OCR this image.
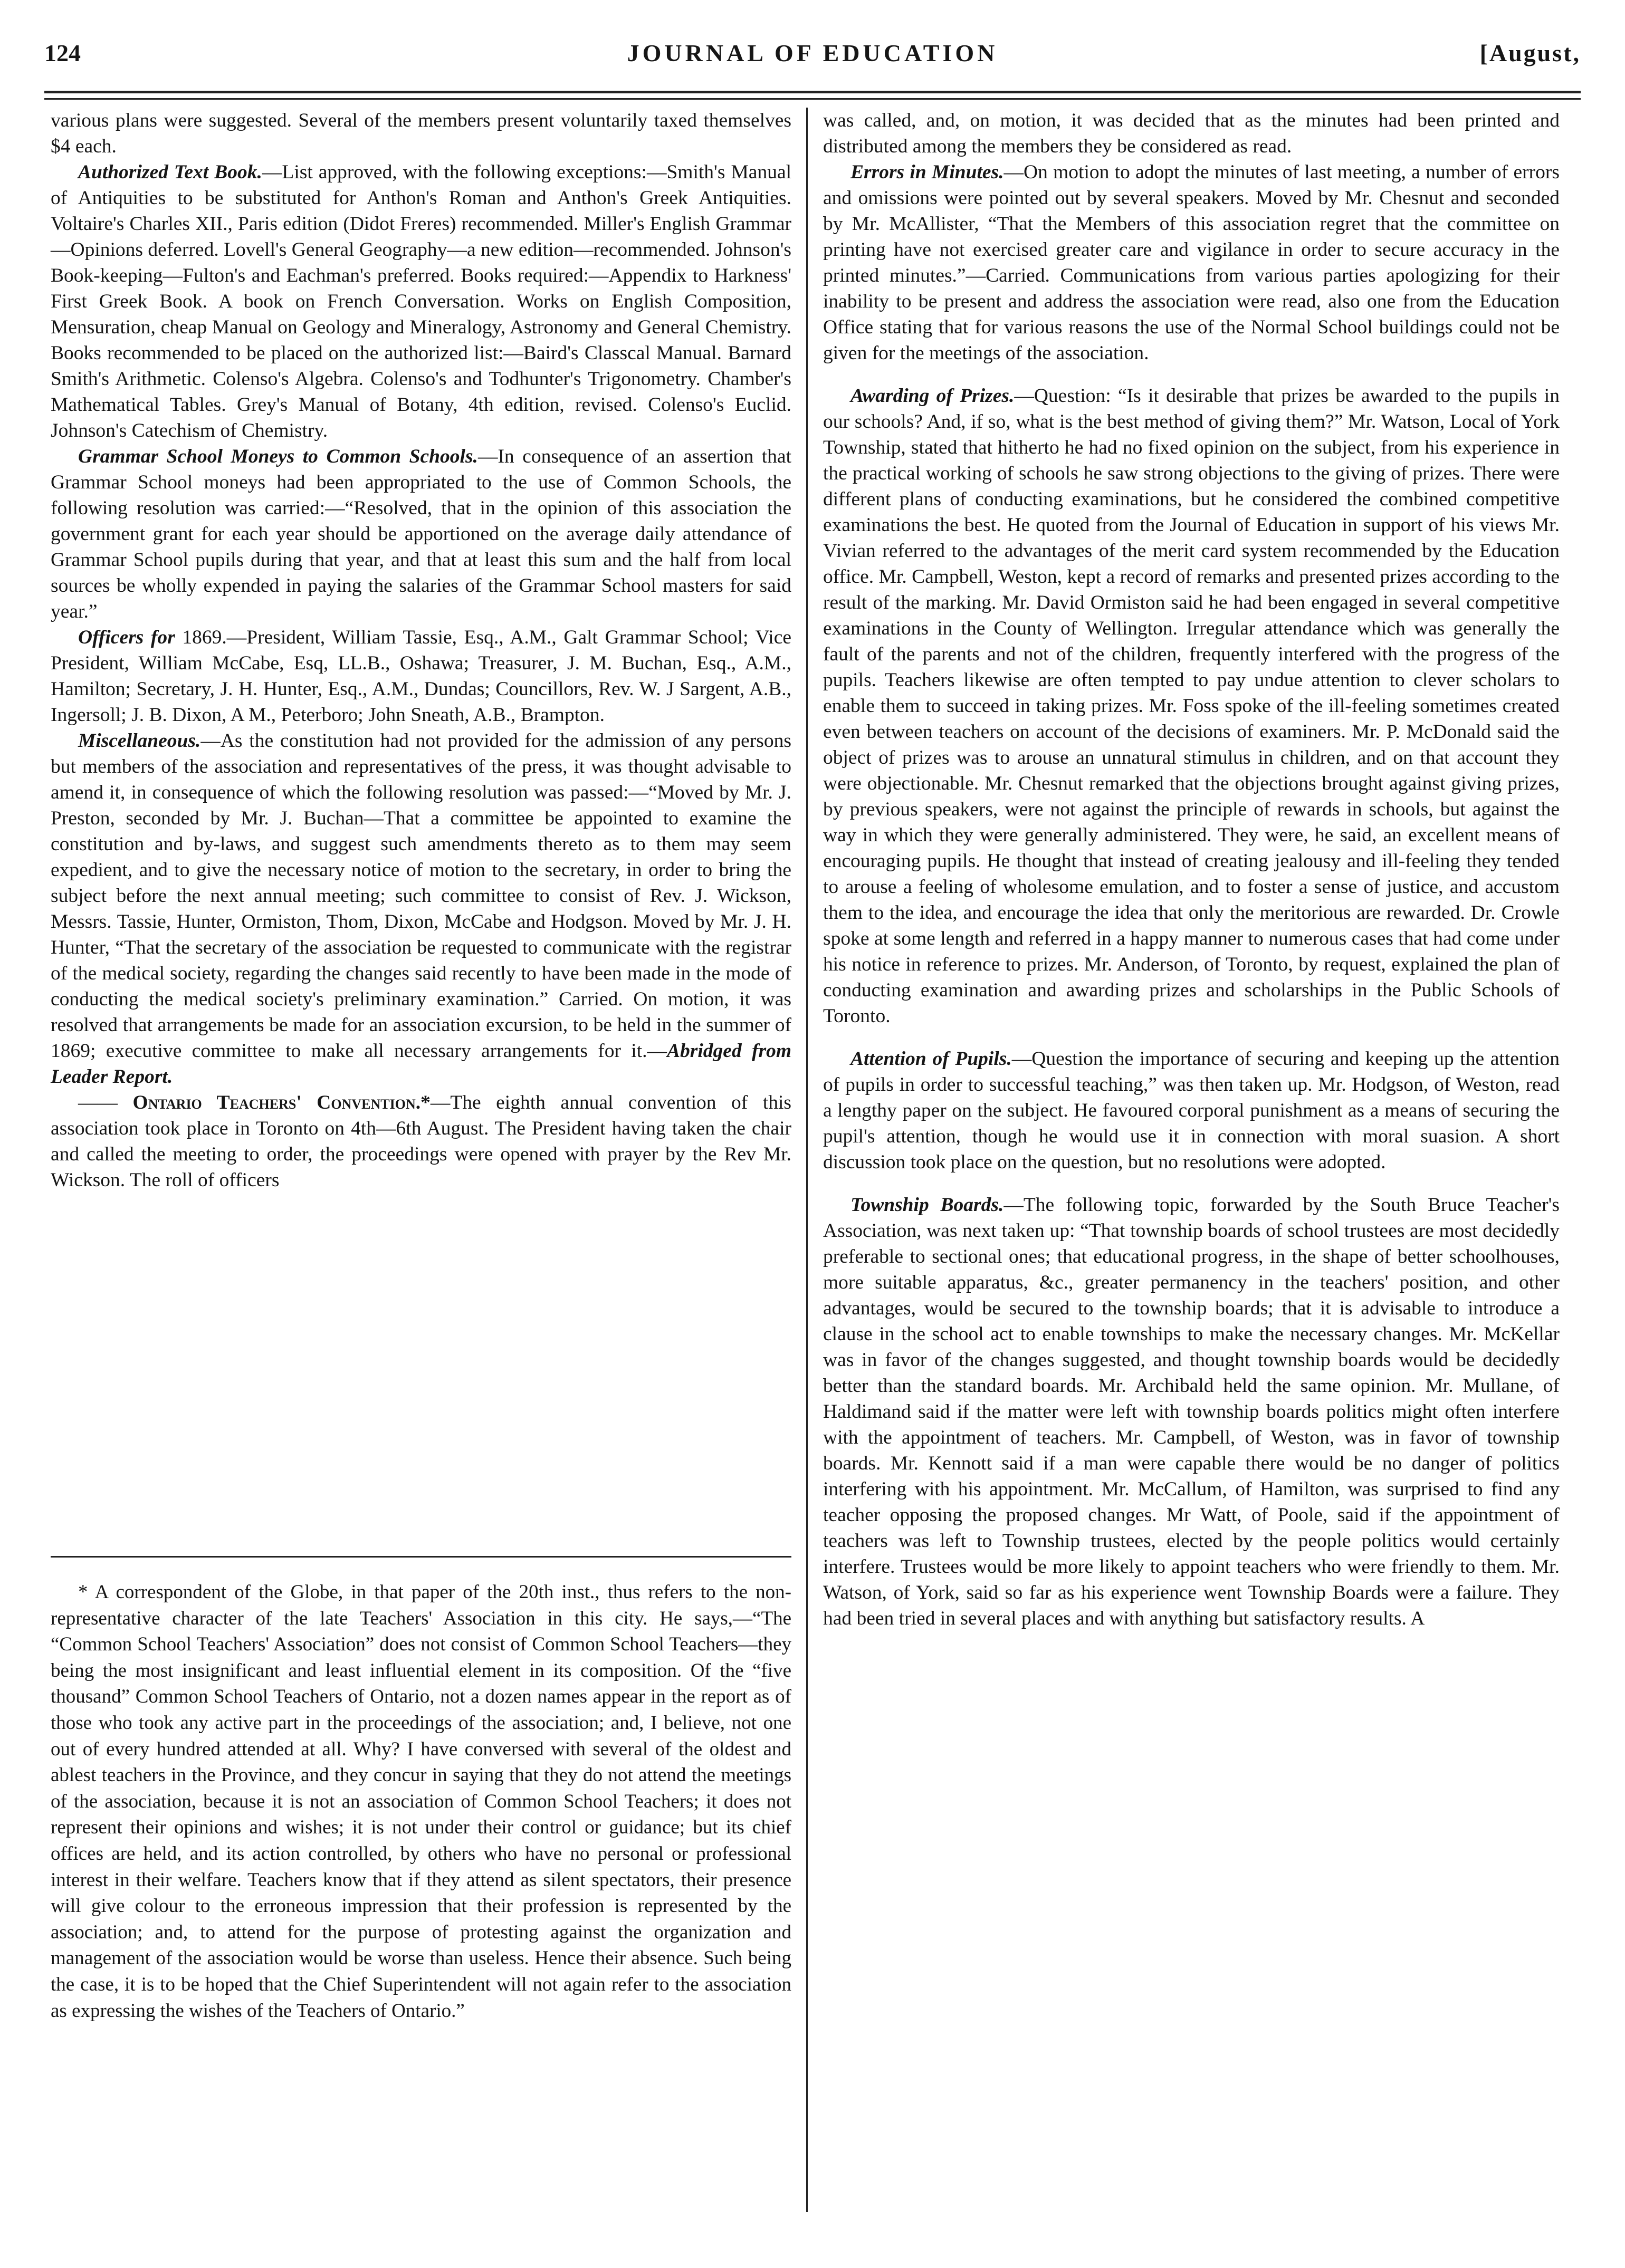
124	JOURNAL OF EDUCATION	[August,

various plans were suggested. Several of the members present voluntarily taxed themselves $4 each.

Authorized Text Book.—List approved, with the following exceptions:—Smith's Manual of Antiquities to be substituted for Anthon's Roman and Anthon's Greek Antiquities. Voltaire's Charles XII., Paris edition (Didot Freres) recommended. Miller's English Grammar—Opinions deferred. Lovell's General Geography—a new edition—recommended. Johnson's Book-keeping—Fulton's and Eachman's preferred. Books required:—Appendix to Harkness' First Greek Book. A book on French Conversation. Works on English Composition, Mensuration, cheap Manual on Geology and Mineralogy, Astronomy and General Chemistry. Books recommended to be placed on the authorized list:—Baird's Classcal Manual. Barnard Smith's Arithmetic. Colenso's Algebra. Colenso's and Todhunter's Trigonometry. Chamber's Mathematical Tables. Grey's Manual of Botany, 4th edition, revised. Colenso's Euclid. Johnson's Catechism of Chemistry.

Grammar School Moneys to Common Schools.—In consequence of an assertion that Grammar School moneys had been appropriated to the use of Common Schools, the following resolution was carried:—“Resolved, that in the opinion of this association the government grant for each year should be apportioned on the average daily attendance of Grammar School pupils during that year, and that at least this sum and the half from local sources be wholly expended in paying the salaries of the Grammar School masters for said year.”

Officers for 1869.—President, William Tassie, Esq., A.M., Galt Grammar School; Vice President, William McCabe, Esq, LL.B., Oshawa; Treasurer, J. M. Buchan, Esq., A.M., Hamilton; Secretary, J. H. Hunter, Esq., A.M., Dundas; Councillors, Rev. W. J Sargent, A.B., Ingersoll; J. B. Dixon, A M., Peterboro; John Sneath, A.B., Brampton.

Miscellaneous.—As the constitution had not provided for the admission of any persons but members of the association and representatives of the press, it was thought advisable to amend it, in consequence of which the following resolution was passed:—“Moved by Mr. J. Preston, seconded by Mr. J. Buchan—That a committee be appointed to examine the constitution and by-laws, and suggest such amendments thereto as to them may seem expedient, and to give the necessary notice of motion to the secretary, in order to bring the subject before the next annual meeting; such committee to consist of Rev. J. Wickson, Messrs. Tassie, Hunter, Ormiston, Thom, Dixon, McCabe and Hodgson. Moved by Mr. J. H. Hunter, “That the secretary of the association be requested to communicate with the registrar of the medical society, regarding the changes said recently to have been made in the mode of conducting the medical society's preliminary examination.” Carried. On motion, it was resolved that arrangements be made for an association excursion, to be held in the summer of 1869; executive committee to make all necessary arrangements for it.—Abridged from Leader Report.

—— Ontario Teachers' Convention.*—The eighth annual convention of this association took place in Toronto on 4th—6th August. The President having taken the chair and called the meeting to order, the proceedings were opened with prayer by the Rev Mr. Wickson. The roll of officers

* A correspondent of the Globe, in that paper of the 20th inst., thus refers to the non-representative character of the late Teachers' Association in this city. He says,—“The “Common School Teachers' Association” does not consist of Common School Teachers—they being the most insignificant and least influential element in its composition. Of the “five thousand” Common School Teachers of Ontario, not a dozen names appear in the report as of those who took any active part in the proceedings of the association; and, I believe, not one out of every hundred attended at all. Why? I have conversed with several of the oldest and ablest teachers in the Province, and they concur in saying that they do not attend the meetings of the association, because it is not an association of Common School Teachers; it does not represent their opinions and wishes; it is not under their control or guidance; but its chief offices are held, and its action controlled, by others who have no personal or professional interest in their welfare. Teachers know that if they attend as silent spectators, their presence will give colour to the erroneous impression that their profession is represented by the association; and, to attend for the purpose of protesting against the organization and management of the association would be worse than useless. Hence their absence. Such being the case, it is to be hoped that the Chief Superintendent will not again refer to the association as expressing the wishes of the Teachers of Ontario.”

was called, and, on motion, it was decided that as the minutes had been printed and distributed among the members they be considered as read.

Errors in Minutes.—On motion to adopt the minutes of last meeting, a number of errors and omissions were pointed out by several speakers. Moved by Mr. Chesnut and seconded by Mr. McAllister, “That the Members of this association regret that the committee on printing have not exercised greater care and vigilance in order to secure accuracy in the printed minutes.”—Carried. Communications from various parties apologizing for their inability to be present and address the association were read, also one from the Education Office stating that for various reasons the use of the Normal School buildings could not be given for the meetings of the association.

Awarding of Prizes.—Question: “Is it desirable that prizes be awarded to the pupils in our schools? And, if so, what is the best method of giving them?” Mr. Watson, Local of York Township, stated that hitherto he had no fixed opinion on the subject, from his experience in the practical working of schools he saw strong objections to the giving of prizes. There were different plans of conducting examinations, but he considered the combined competitive examinations the best. He quoted from the Journal of Education in support of his views Mr. Vivian referred to the advantages of the merit card system recommended by the Education office. Mr. Campbell, Weston, kept a record of remarks and presented prizes according to the result of the marking. Mr. David Ormiston said he had been engaged in several competitive examinations in the County of Wellington. Irregular attendance which was generally the fault of the parents and not of the children, frequently interfered with the progress of the pupils. Teachers likewise are often tempted to pay undue attention to clever scholars to enable them to succeed in taking prizes. Mr. Foss spoke of the ill-feeling sometimes created even between teachers on account of the decisions of examiners. Mr. P. McDonald said the object of prizes was to arouse an unnatural stimulus in children, and on that account they were objectionable. Mr. Chesnut remarked that the objections brought against giving prizes, by previous speakers, were not against the principle of rewards in schools, but against the way in which they were generally administered. They were, he said, an excellent means of encouraging pupils. He thought that instead of creating jealousy and ill-feeling they tended to arouse a feeling of wholesome emulation, and to foster a sense of justice, and accustom them to the idea, and encourage the idea that only the meritorious are rewarded. Dr. Crowle spoke at some length and referred in a happy manner to numerous cases that had come under his notice in reference to prizes. Mr. Anderson, of Toronto, by request, explained the plan of conducting examination and awarding prizes and scholarships in the Public Schools of Toronto.

Attention of Pupils.—Question the importance of securing and keeping up the attention of pupils in order to successful teaching,” was then taken up. Mr. Hodgson, of Weston, read a lengthy paper on the subject. He favoured corporal punishment as a means of securing the pupil's attention, though he would use it in connection with moral suasion. A short discussion took place on the question, but no resolutions were adopted.

Township Boards.—The following topic, forwarded by the South Bruce Teacher's Association, was next taken up: “That township boards of school trustees are most decidedly preferable to sectional ones; that educational progress, in the shape of better schoolhouses, more suitable apparatus, &c., greater permanency in the teachers' position, and other advantages, would be secured to the township boards; that it is advisable to introduce a clause in the school act to enable townships to make the necessary changes. Mr. McKellar was in favor of the changes suggested, and thought township boards would be decidedly better than the standard boards. Mr. Archibald held the same opinion. Mr. Mullane, of Haldimand said if the matter were left with township boards politics might often interfere with the appointment of teachers. Mr. Campbell, of Weston, was in favor of township boards. Mr. Kennott said if a man were capable there would be no danger of politics interfering with his appointment. Mr. McCallum, of Hamilton, was surprised to find any teacher opposing the proposed changes. Mr Watt, of Poole, said if the appointment of teachers was left to Township trustees, elected by the people politics would certainly interfere. Trustees would be more likely to appoint teachers who were friendly to them. Mr. Watson, of York, said so far as his experience went Township Boards were a failure. They had been tried in several places and with anything but satisfactory results. A
